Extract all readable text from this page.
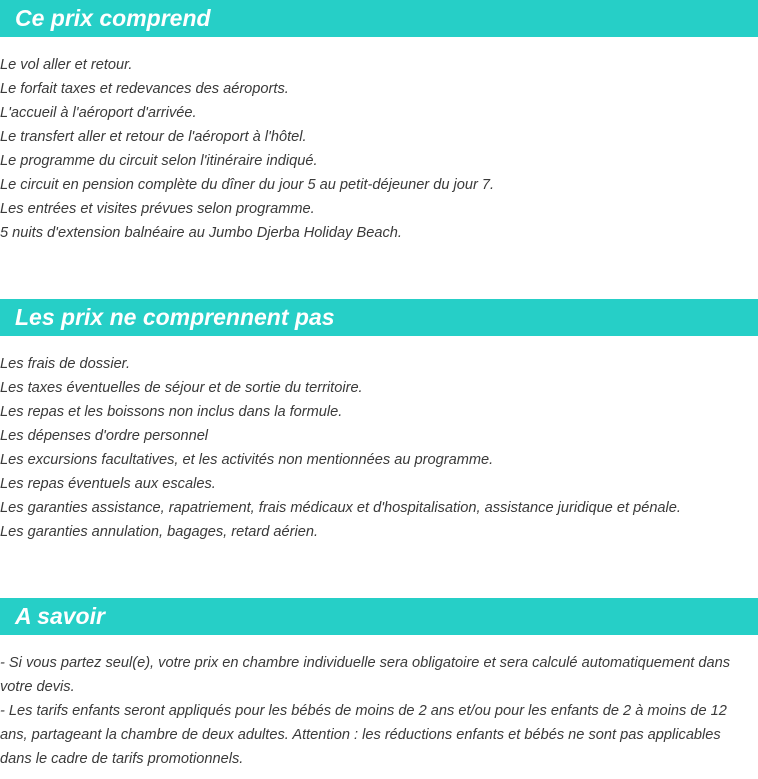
Ce prix comprend
Le vol aller et retour.
Le forfait taxes et redevances des aéroports.
L'accueil à l'aéroport d'arrivée.
Le transfert aller et retour de l'aéroport à l'hôtel.
Le programme du circuit selon l'itinéraire indiqué.
Le circuit en pension complète du dîner du jour 5 au petit-déjeuner du jour 7.
Les entrées et visites prévues selon programme.
5 nuits d'extension balnéaire au Jumbo Djerba Holiday Beach.
Les prix ne comprennent pas
Les frais de dossier.
Les taxes éventuelles de séjour et de sortie du territoire.
Les repas et les boissons non inclus dans la formule.
Les dépenses d'ordre personnel
Les excursions facultatives, et les activités non mentionnées au programme.
Les repas éventuels aux escales.
Les garanties assistance, rapatriement, frais médicaux et d'hospitalisation, assistance juridique et pénale.
Les garanties annulation, bagages, retard aérien.
A savoir

- Si vous partez seul(e), votre prix en chambre individuelle sera obligatoire et sera calculé automatiquement dans votre devis.

- Les tarifs enfants seront appliqués pour les bébés de moins de 2 ans et/ou pour les enfants de 2 à moins de 12 ans, partageant la chambre de deux adultes. Attention : les réductions enfants et bébés ne sont pas applicables dans le cadre de tarifs promotionnels.
